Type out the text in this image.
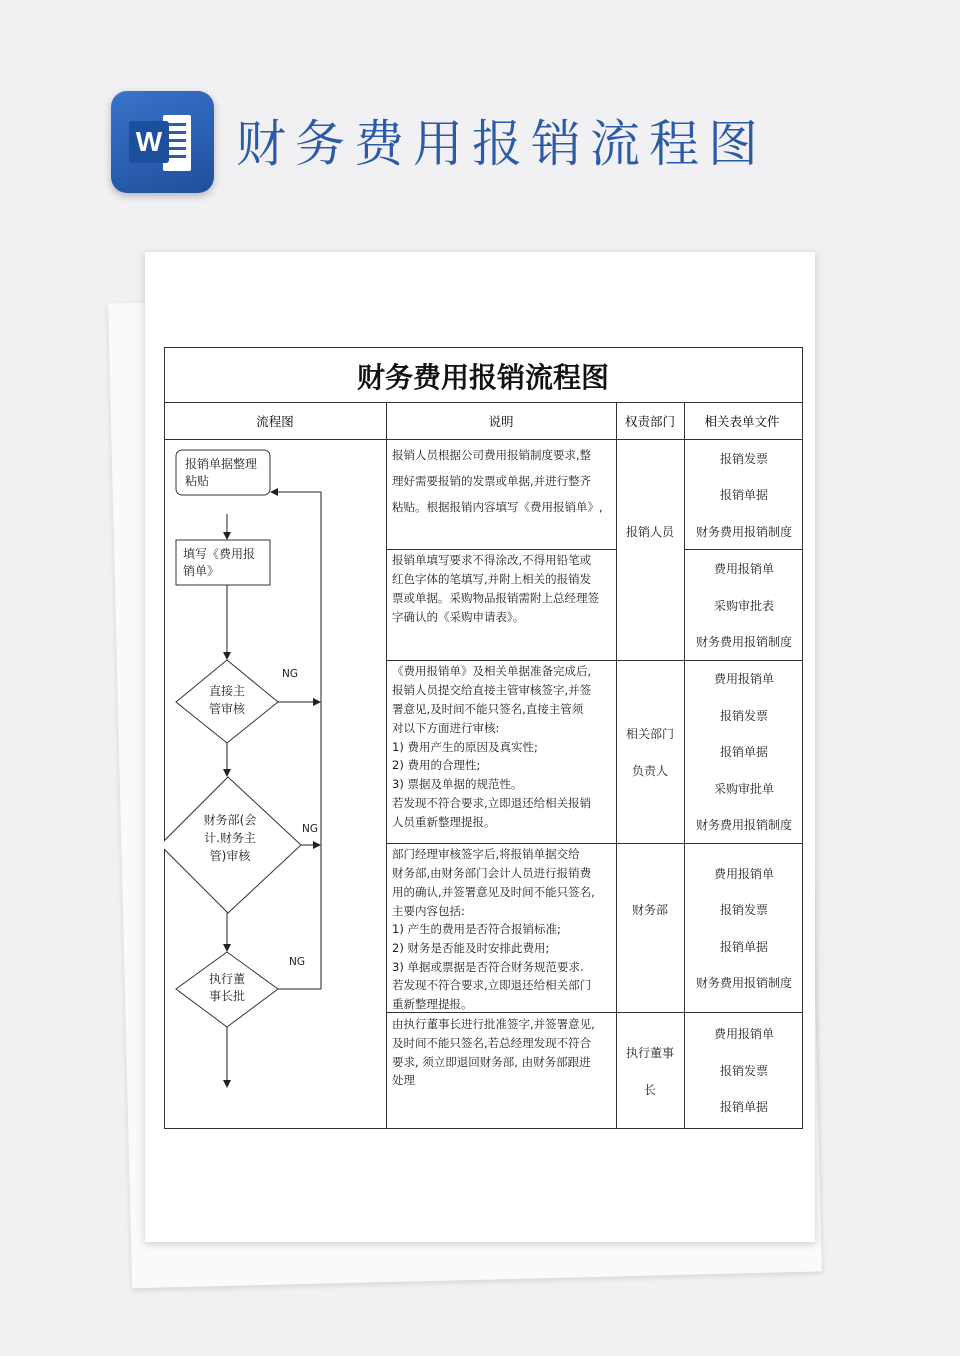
W 财务费用报销流程图
财务费用报销流程图
流程图	说明	权责部门 相关表单文件
报销单据整理
粘贴
填写《费用报
销单》
直接主
管审核
财务部(会
计.财务主
管)审核
执行董
事长批
NG
NG
NG
报销人员根据公司费用报销制度要求,整
理好需要报销的发票或单据,并进行整齐
粘贴。根据报销内容填写《费用报销单》,
报销单填写要求不得涂改,不得用铅笔或
红色字体的笔填写,并附上相关的报销发
票或单据。采购物品报销需附上总经理签
字确认的《采购申请表》。
《费用报销单》及相关单据准备完成后,
报销人员提交给直接主管审核签字,并签
署意见,及时间不能只签名,直接主管须
对以下方面进行审核:
1) 费用产生的原因及真实性;
2) 费用的合理性;
3) 票据及单据的规范性。
若发现不符合要求,立即退还给相关报销
人员重新整理提报。
部门经理审核签字后,将报销单据交给
财务部,由财务部门会计人员进行报销费
用的确认,并签署意见及时间不能只签名,
主要内容包括:
1) 产生的费用是否符合报销标准;
2) 财务是否能及时安排此费用;
3) 单据或票据是否符合财务规范要求.
若发现不符合要求,立即退还给相关部门
重新整理提报。
由执行董事长进行批准签字,并签署意见,
及时间不能只签名,若总经理发现不符合
要求, 须立即退回财务部, 由财务部跟进
处理
报销人员
相关部门
负责人
财务部
执行董事
长
报销发票
报销单据
财务费用报销制度
费用报销单
采购审批表
财务费用报销制度
费用报销单
报销发票
报销单据
采购审批单
财务费用报销制度
费用报销单
报销发票
报销单据
财务费用报销制度
费用报销单
报销发票
报销单据
